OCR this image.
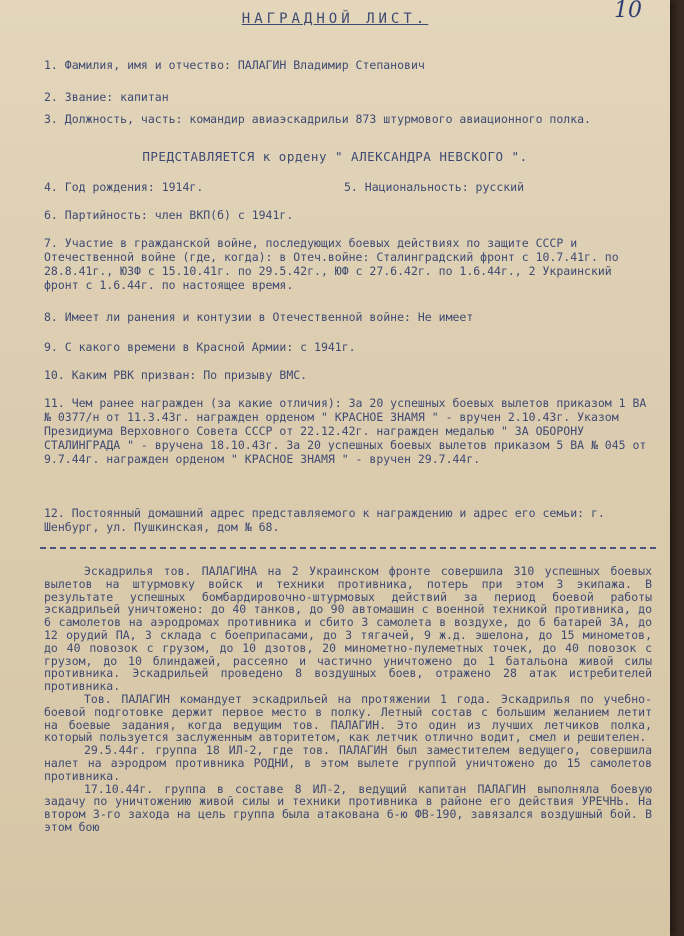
10
НАГРАДНОЙ ЛИСТ.
1. Фамилия, имя и отчество: ПАЛАГИН Владимир Степанович
2. Звание: капитан
3. Должность, часть: командир авиаэскадрильи 873 штурмового авиационного полка.
ПРЕДСТАВЛЯЕТСЯ к ордену " АЛЕКСАНДРА НЕВСКОГО ".
4. Год рождения: 1914г.	5. Национальность: русский
6. Партийность: член ВКП(б) с 1941г.
7. Участие в гражданской войне, последующих боевых действиях по защите СССР и Отечественной войне (где, когда): в Отеч.войне: Сталинградский фронт с 10.7.41г. по 28.8.41г., ЮЗФ с 15.10.41г. по 29.5.42г., ЮФ с 27.6.42г. по 1.6.44г., 2 Украинский фронт с 1.6.44г. по настоящее время.
8. Имеет ли ранения и контузии в Отечественной войне: Не имеет
9. С какого времени в Красной Армии: с 1941г.
10. Каким РВК призван: По призыву ВМС.
11. Чем ранее награжден (за какие отличия): За 20 успешных боевых вылетов приказом 1 ВА № 0377/н от 11.3.43г. награжден орденом " КРАСНОЕ ЗНАМЯ " - вручен 2.10.43г. Указом Президиума Верховного Совета СССР от 22.12.42г. награжден медалью " ЗА ОБОРОНУ СТАЛИНГРАДА " - вручена 18.10.43г. За 20 успешных боевых вылетов приказом 5 ВА № 045 от 9.7.44г. награжден орденом " КРАСНОЕ ЗНАМЯ " - вручен 29.7.44г.
12. Постоянный домашний адрес представляемого к награждению и адрес его семьи: г. Шенбург, ул. Пушкинская, дом № 68.

Эскадрилья тов. ПАЛАГИНА на 2 Украинском фронте совершила 310 успешных боевых вылетов на штурмовку войск и техники противника, потерь при этом 3 экипажа. В результате успешных бомбардировочно-штурмовых действий за период боевой работы эскадрильей уничтожено: до 40 танков, до 90 автомашин с военной техникой противника, до 6 самолетов на аэродромах противника и сбито 3 самолета в воздухе, до 6 батарей ЗА, до 12 орудий ПА, 3 склада с боеприпасами, до 3 тягачей, 9 ж.д. эшелона, до 15 минометов, до 40 повозок с грузом, до 10 дзотов, 20 минометно-пулеметных точек, до 40 повозок с грузом, до 10 блиндажей, рассеяно и частично уничтожено до 1 батальона живой силы противника. Эскадрильей проведено 8 воздушных боев, отражено 28 атак истребителей противника.

Тов. ПАЛАГИН командует эскадрильей на протяжении 1 года. Эскадрилья по учебно-боевой подготовке держит первое место в полку. Летный состав с большим желанием летит на боевые задания, когда ведущим тов. ПАЛАГИН. Это один из лучших летчиков полка, который пользуется заслуженным авторитетом, как летчик отлично водит, смел и решителен.

29.5.44г. группа 18 ИЛ-2, где тов. ПАЛАГИН был заместителем ведущего, совершила налет на аэродром противника РОДНИ, в этом вылете группой уничтожено до 15 самолетов противника.

17.10.44г. группа в составе 8 ИЛ-2, ведущий капитан ПАЛАГИН выполняла боевую задачу по уничтожению живой силы и техники противника в районе его действия УРЕЧНЬ. На втором 3-го захода на цель группа была атакована 6-ю ФВ-190, завязался воздушный бой. В этом бою
